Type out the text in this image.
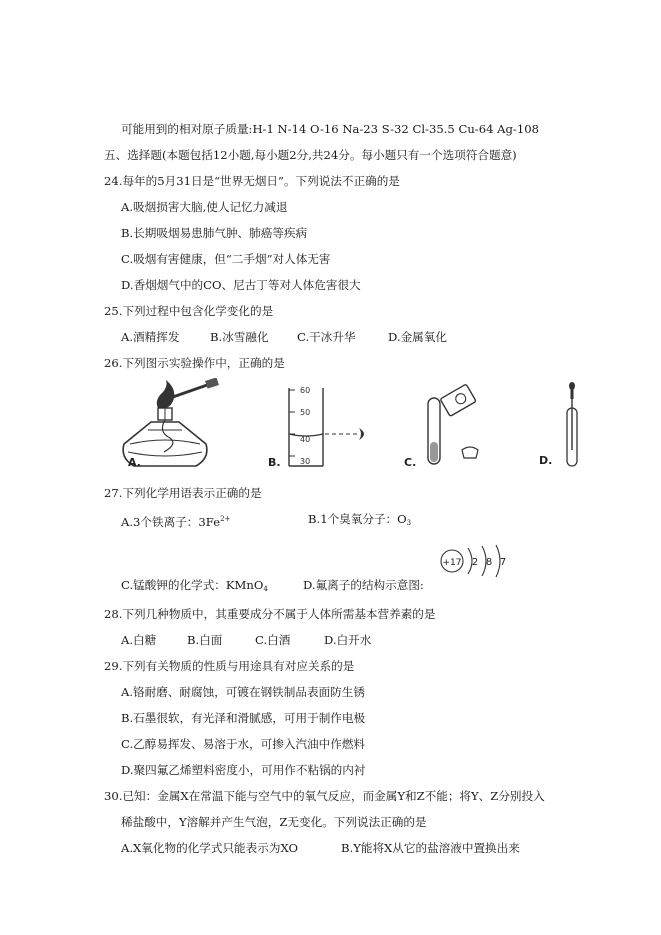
可能用到的相对原子质量:H-1 N-14 O-16 Na-23 S-32 Cl-35.5 Cu-64 Ag-108
五、选择题(本题包括12小题,每小题2分,共24分。每小题只有一个选项符合题意)
24.每年的5月31日是“世界无烟日”。下列说法不正确的是
A.吸烟损害大脑,使人记忆力减退
B.长期吸烟易患肺气肿、肺癌等疾病
C.吸烟有害健康，但“二手烟”对人体无害
D.香烟烟气中的CO、尼古丁等对人体危害很大
25.下列过程中包含化学变化的是
A.酒精挥发	B.冰雪融化 C.干冰升华	D.金属氧化
26.下列图示实验操作中，正确的是
A.
60
50
40
30
B.	C.	D.
27.下列化学用语表示正确的是
A.3个铁离子：$3Fe^{2+}$	B.1个臭氧分子：$O_3$
+17 2 8 7
C.锰酸钾的化学式：KMnO$_4$	D.氟离子的结构示意图:
28.下列几种物质中，其重要成分不属于人体所需基本营养素的是
A.白糖	B.白面	C.白酒	D.白开水
29.下列有关物质的性质与用途具有对应关系的是
A.铬耐磨、耐腐蚀，可镀在钢铁制品表面防生锈
B.石墨很软，有光泽和滑腻感，可用于制作电极
C.乙醇易挥发、易溶于水，可掺入汽油中作燃料
D.聚四氟乙烯塑料密度小，可用作不粘锅的内衬
30.已知：金属X在常温下能与空气中的氧气反应，而金属Y和Z不能；将Y、Z分别投入
稀盐酸中，Y溶解并产生气泡，Z无变化。下列说法正确的是
A.X氧化物的化学式只能表示为XO	B.Y能将X从它的盐溶液中置换出来
